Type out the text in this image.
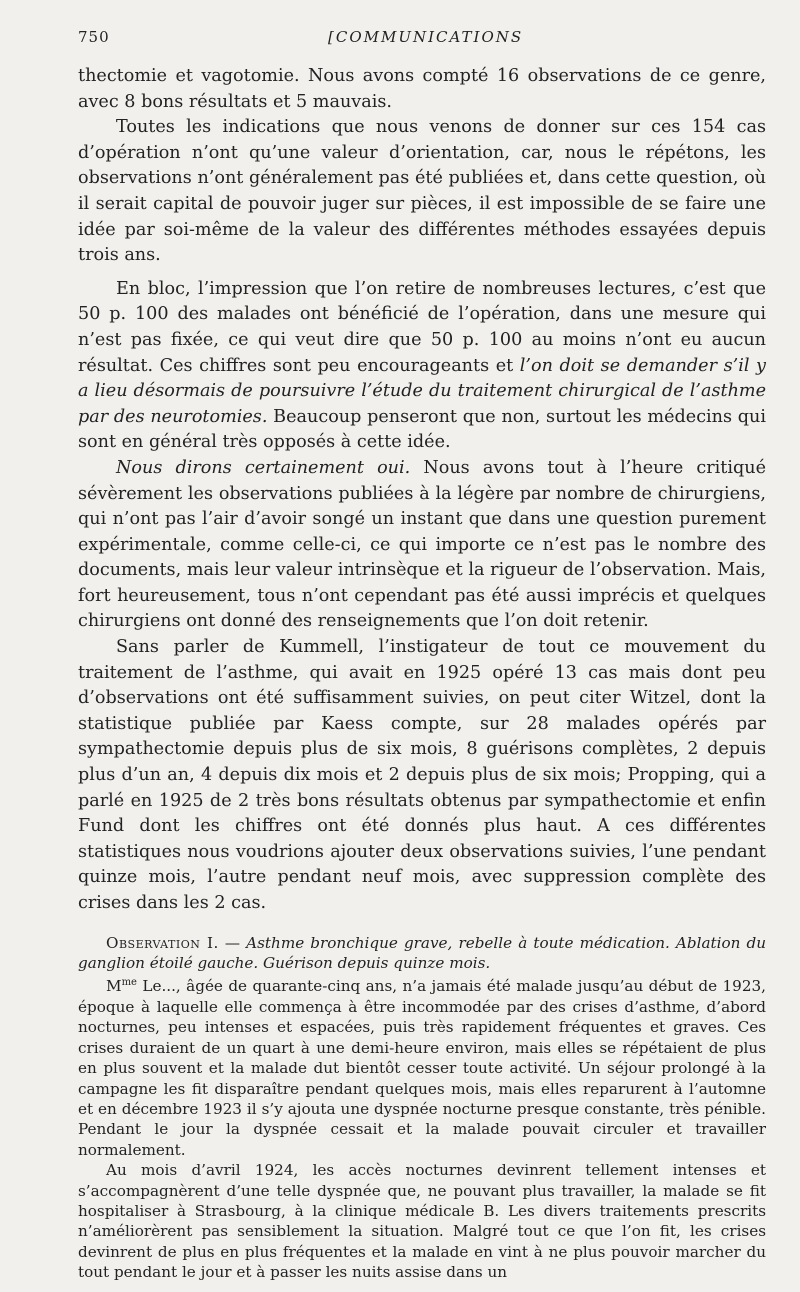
750	[COMMUNICATIONS

thectomie et vagotomie. Nous avons compté 16 observations de ce genre, avec 8 bons résultats et 5 mauvais.

Toutes les indications que nous venons de donner sur ces 154 cas d’opération n’ont qu’une valeur d’orientation, car, nous le répétons, les observations n’ont généralement pas été publiées et, dans cette question, où il serait capital de pouvoir juger sur pièces, il est impossible de se faire une idée par soi-même de la valeur des différentes méthodes essayées depuis trois ans.

En bloc, l’impression que l’on retire de nombreuses lectures, c’est que 50 p. 100 des malades ont bénéficié de l’opération, dans une mesure qui n’est pas fixée, ce qui veut dire que 50 p. 100 au moins n’ont eu aucun résultat. Ces chiffres sont peu encourageants et l’on doit se demander s’il y a lieu désormais de poursuivre l’étude du traitement chirurgical de l’asthme par des neurotomies. Beaucoup penseront que non, surtout les médecins qui sont en général très opposés à cette idée.

Nous dirons certainement oui. Nous avons tout à l’heure critiqué sévèrement les observations publiées à la légère par nombre de chirurgiens, qui n’ont pas l’air d’avoir songé un instant que dans une question purement expérimentale, comme celle-ci, ce qui importe ce n’est pas le nombre des documents, mais leur valeur intrinsèque et la rigueur de l’observation. Mais, fort heureusement, tous n’ont cependant pas été aussi imprécis et quelques chirurgiens ont donné des renseignements que l’on doit retenir.

Sans parler de Kummell, l’instigateur de tout ce mouvement du traitement de l’asthme, qui avait en 1925 opéré 13 cas mais dont peu d’observations ont été suffisamment suivies, on peut citer Witzel, dont la statistique publiée par Kaess compte, sur 28 malades opérés par sympathectomie depuis plus de six mois, 8 guérisons complètes, 2 depuis plus d’un an, 4 depuis dix mois et 2 depuis plus de six mois; Propping, qui a parlé en 1925 de 2 très bons résultats obtenus par sympathectomie et enfin Fund dont les chiffres ont été donnés plus haut. A ces différentes statistiques nous voudrions ajouter deux observations suivies, l’une pendant quinze mois, l’autre pendant neuf mois, avec suppression complète des crises dans les 2 cas.

Observation I. — Asthme bronchique grave, rebelle à toute médication. Ablation du ganglion étoilé gauche. Guérison depuis quinze mois.

$M^{me}$ Le..., âgée de quarante-cinq ans, n’a jamais été malade jusqu’au début de 1923, époque à laquelle elle commença à être incommodée par des crises d’asthme, d’abord nocturnes, peu intenses et espacées, puis très rapidement fréquentes et graves. Ces crises duraient de un quart à une demi-heure environ, mais elles se répétaient de plus en plus souvent et la malade dut bientôt cesser toute activité. Un séjour prolongé à la campagne les fit disparaître pendant quelques mois, mais elles reparurent à l’automne et en décembre 1923 il s’y ajouta une dyspnée nocturne presque constante, très pénible. Pendant le jour la dyspnée cessait et la malade pouvait circuler et travailler normalement.

Au mois d’avril 1924, les accès nocturnes devinrent tellement intenses et s’accompagnèrent d’une telle dyspnée que, ne pouvant plus travailler, la malade se fit hospitaliser à Strasbourg, à la clinique médicale B. Les divers traitements prescrits n’améliorèrent pas sensiblement la situation. Malgré tout ce que l’on fit, les crises devinrent de plus en plus fréquentes et la malade en vint à ne plus pouvoir marcher du tout pendant le jour et à passer les nuits assise dans un
